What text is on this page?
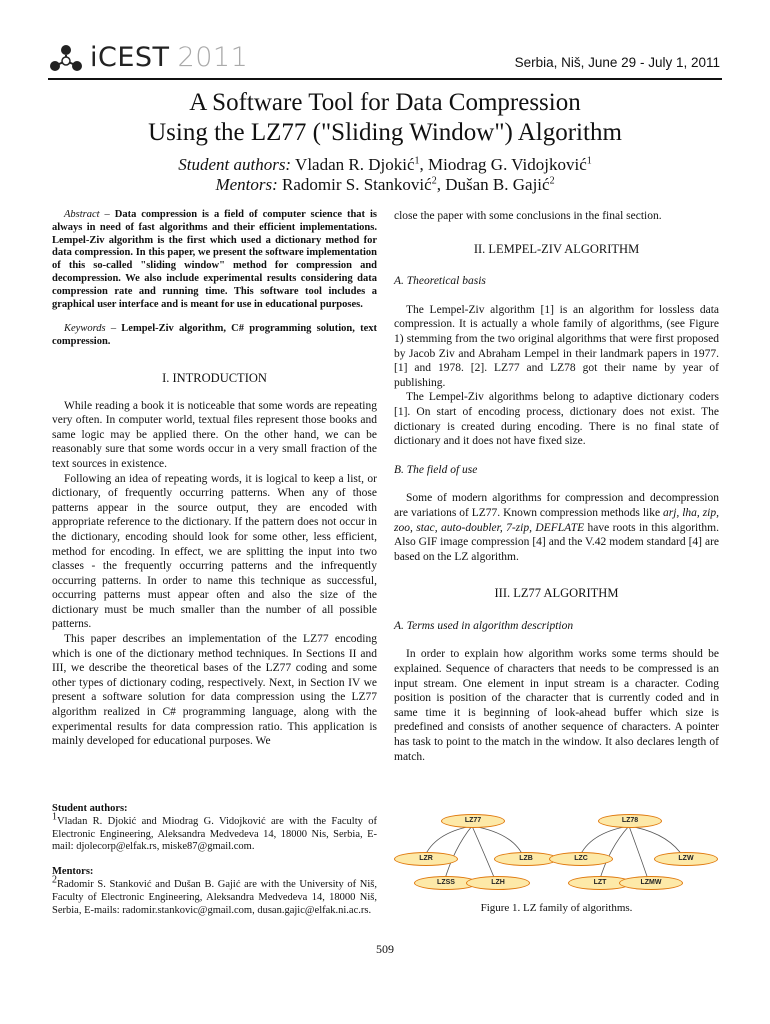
iCEST 2011	Serbia, Niš, June 29 - July 1, 2011
A Software Tool for Data Compression
Using the LZ77 ("Sliding Window") Algorithm
Student authors: Vladan R. Djokić$^1$, Miodrag G. Vidojković$^1$
Mentors: Radomir S. Stanković$^2$, Dušan B. Gajić$^2$

Abstract – Data compression is a field of computer science that is always in need of fast algorithms and their efficient implementations. Lempel-Ziv algorithm is the first which used a dictionary method for data compression. In this paper, we present the software implementation of this so-called "sliding window" method for compression and decompression. We also include experimental results considering data compression rate and running time. This software tool includes a graphical user interface and is meant for use in educational purposes.

Keywords – Lempel-Ziv algorithm, C# programming solution, text compression.

I. INTRODUCTION

While reading a book it is noticeable that some words are repeating very often. In computer world, textual files represent those books and same logic may be applied there. On the other hand, we can be reasonably sure that some words occur in a very small fraction of the text sources in existence.

Following an idea of repeating words, it is logical to keep a list, or dictionary, of frequently occurring patterns. When any of those patterns appear in the source output, they are encoded with appropriate reference to the dictionary. If the pattern does not occur in the dictionary, encoding should look for some other, less efficient, method for encoding. In effect, we are splitting the input into two classes - the frequently occurring patterns and the infrequently occurring patterns. In order to name this technique as successful, occurring patterns must appear often and also the size of the dictionary must be much smaller than the number of all possible patterns.

This paper describes an implementation of the LZ77 encoding which is one of the dictionary method techniques. In Sections II and III, we describe the theoretical bases of the LZ77 coding and some other types of dictionary coding, respectively. Next, in Section IV we present a software solution for data compression using the LZ77 algorithm realized in C# programming language, along with the experimental results for data compression ratio. This application is mainly developed for educational purposes. We

Student authors:
$^1$Vladan R. Djokić and Miodrag G. Vidojković are with the Faculty of Electronic Engineering, Aleksandra Medvedeva 14, 18000 Nis, Serbia, E-mail: djolecorp@elfak.rs, miske87@gmail.com.

Mentors:
$^2$Radomir S. Stanković and Dušan B. Gajić are with the University of Niš, Faculty of Electronic Engineering, Aleksandra Medvedeva 14, 18000 Niš, Serbia, E-mails: radomir.stankovic@gmail.com, dusan.gajic@elfak.ni.ac.rs.

close the paper with some conclusions in the final section.

II. LEMPEL-ZIV ALGORITHM

A. Theoretical basis

The Lempel-Ziv algorithm [1] is an algorithm for lossless data compression. It is actually a whole family of algorithms, (see Figure 1) stemming from the two original algorithms that were first proposed by Jacob Ziv and Abraham Lempel in their landmark papers in 1977. [1] and 1978. [2]. LZ77 and LZ78 got their name by year of publishing.

The Lempel-Ziv algorithms belong to adaptive dictionary coders [1]. On start of encoding process, dictionary does not exist. The dictionary is created during encoding. There is no final state of dictionary and it does not have fixed size.

B. The field of use

Some of modern algorithms for compression and decompression are variations of LZ77. Known compression methods like arj, lha, zip, zoo, stac, auto-doubler, 7-zip, DEFLATE have roots in this algorithm. Also GIF image compression [4] and the V.42 modem standard [4] are based on the LZ algorithm.

III. LZ77 ALGORITHM

A. Terms used in algorithm description

In order to explain how algorithm works some terms should be explained. Sequence of characters that needs to be compressed is an input stream. One element in input stream is a character. Coding position is position of the character that is currently coded and in same time it is beginning of look-ahead buffer which size is predefined and consists of another sequence of characters. A pointer has task to point to the match in the window. It also declares length of match.

LZ77	LZ78
LZR	LZB	LZC	LZW
LZSS	LZH	LZT	LZMW
Figure 1. LZ family of algorithms.
509
